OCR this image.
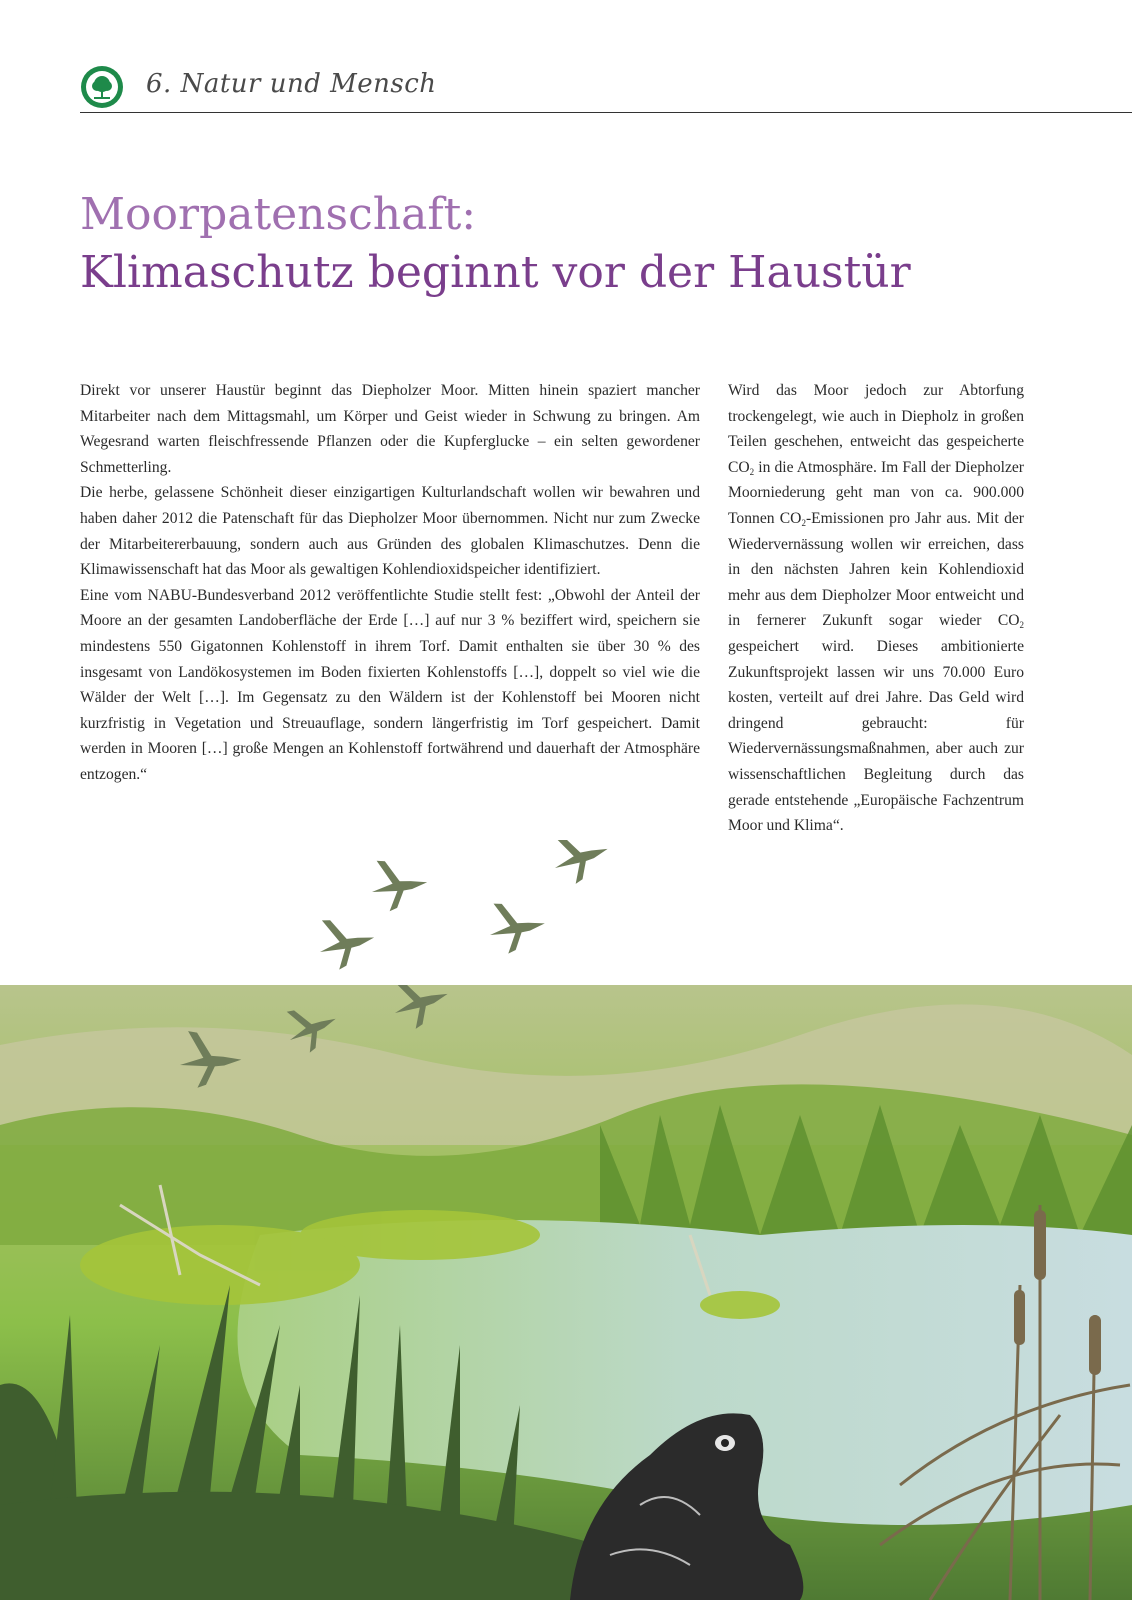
6. Natur und Mensch
Moorpatenschaft:
Klimaschutz beginnt vor der Haustür

Direkt vor unserer Haustür beginnt das Diepholzer Moor. Mitten hinein spaziert mancher Mitarbeiter nach dem Mittagsmahl, um Körper und Geist wieder in Schwung zu bringen. Am Wegesrand warten fleischfressende Pflanzen oder die Kupferglucke – ein selten gewordener Schmetterling.

Die herbe, gelassene Schönheit dieser einzigartigen Kulturlandschaft wollen wir bewahren und haben daher 2012 die Patenschaft für das Diepholzer Moor übernommen. Nicht nur zum Zwecke der Mitarbeitererbauung, sondern auch aus Gründen des globalen Klimaschutzes. Denn die Klimawissenschaft hat das Moor als gewaltigen Kohlendioxidspeicher identifiziert.

Eine vom NABU-Bundesverband 2012 veröffentlichte Studie stellt fest: „Obwohl der Anteil der Moore an der gesamten Landoberfläche der Erde […] auf nur 3 % beziffert wird, speichern sie mindestens 550 Gigatonnen Kohlenstoff in ihrem Torf. Damit enthalten sie über 30 % des insgesamt von Landökosystemen im Boden fixierten Kohlenstoffs […], doppelt so viel wie die Wälder der Welt […]. Im Gegensatz zu den Wäldern ist der Kohlenstoff bei Mooren nicht kurzfristig in Vegetation und Streuauflage, sondern längerfristig im Torf gespeichert. Damit werden in Mooren […] große Mengen an Kohlenstoff fortwährend und dauerhaft der Atmosphäre entzogen.“

Wird das Moor jedoch zur Abtorfung trockengelegt, wie auch in Diepholz in großen Teilen geschehen, entweicht das gespeicherte $CO_2$ in die Atmosphäre. Im Fall der Diepholzer Moorniederung geht man von ca. 900.000 Tonnen $CO_2$-Emissionen pro Jahr aus. Mit der Wiedervernässung wollen wir erreichen, dass in den nächsten Jahren kein Kohlendioxid mehr aus dem Diepholzer Moor entweicht und in fernerer Zukunft sogar wieder $CO_2$ gespeichert wird. Dieses ambitionierte Zukunftsprojekt lassen wir uns 70.000 Euro kosten, verteilt auf drei Jahre. Das Geld wird dringend gebraucht: für Wiedervernässungsmaßnahmen, aber auch zur wissenschaftlichen Begleitung durch das gerade entstehende „Europäische Fachzentrum Moor und Klima“.
